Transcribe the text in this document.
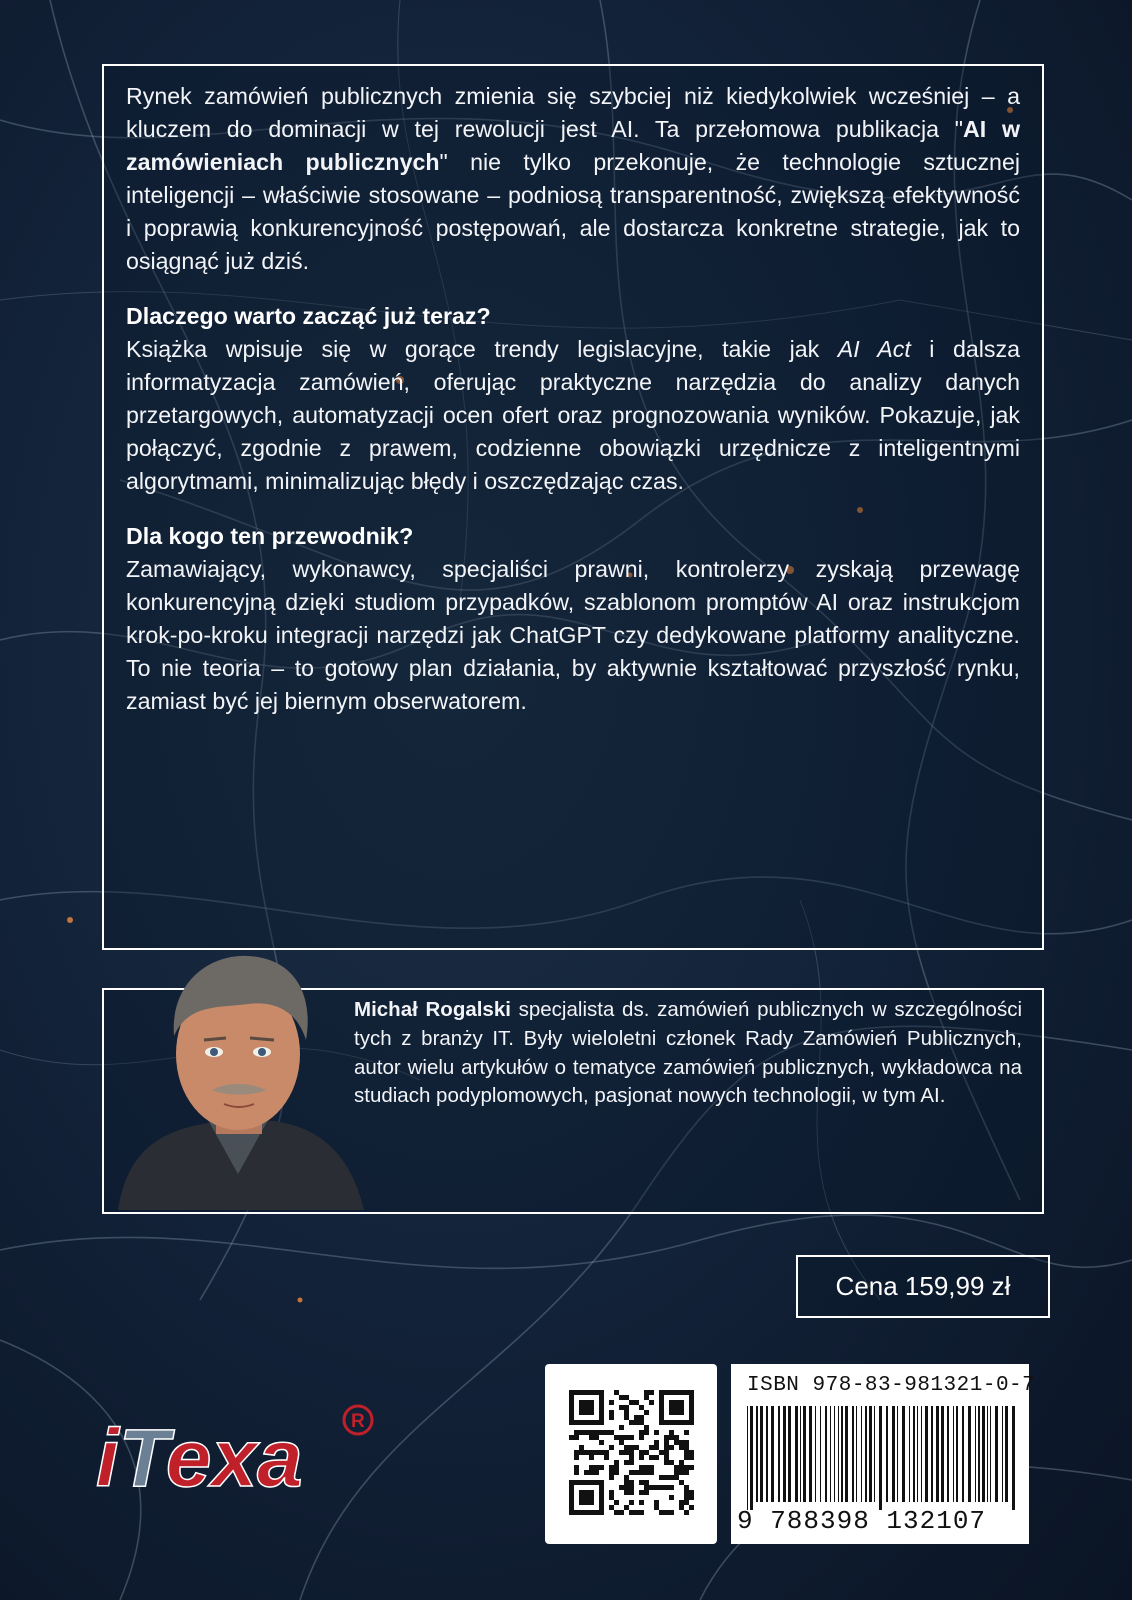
Rynek zamówień publicznych zmienia się szybciej niż kiedykolwiek wcześniej – a kluczem do dominacji w tej rewolucji jest AI. Ta przełomowa publikacja "AI w zamówieniach publicznych" nie tylko przekonuje, że technologie sztucznej inteligencji – właściwie stosowane – podniosą transparentność, zwiększą efektywność i poprawią konkurencyjność postępowań, ale dostarcza konkretne strategie, jak to osiągnąć już dziś.

Dlaczego warto zacząć już teraz?

Książka wpisuje się w gorące trendy legislacyjne, takie jak AI Act i dalsza informatyzacja zamówień, oferując praktyczne narzędzia do analizy danych przetargowych, automatyzacji ocen ofert oraz prognozowania wyników. Pokazuje, jak połączyć, zgodnie z prawem, codzienne obowiązki urzędnicze z inteligentnymi algorytmami, minimalizując błędy i oszczędzając czas.

Dla kogo ten przewodnik?

Zamawiający, wykonawcy, specjaliści prawni, kontrolerzy zyskają przewagę konkurencyjną dzięki studiom przypadków, szablonom promptów AI oraz instrukcjom krok-po-kroku integracji narzędzi jak ChatGPT czy dedykowane platformy analityczne. To nie teoria – to gotowy plan działania, by aktywnie kształtować przyszłość rynku, zamiast być jej biernym obserwatorem.

Michał Rogalski specjalista ds. zamówień publicznych w szczególności tych z branży IT. Były wieloletni członek Rady Zamówień Publicznych, autor wielu artykułów o tematyce zamówień publicznych, wykładowca na studiach podyplomowych, pasjonat nowych technologii, w tym AI.

Cena 159,99 zł
ISBN 978-83-981321-0-7
9 788398 132107
iTexa	R
